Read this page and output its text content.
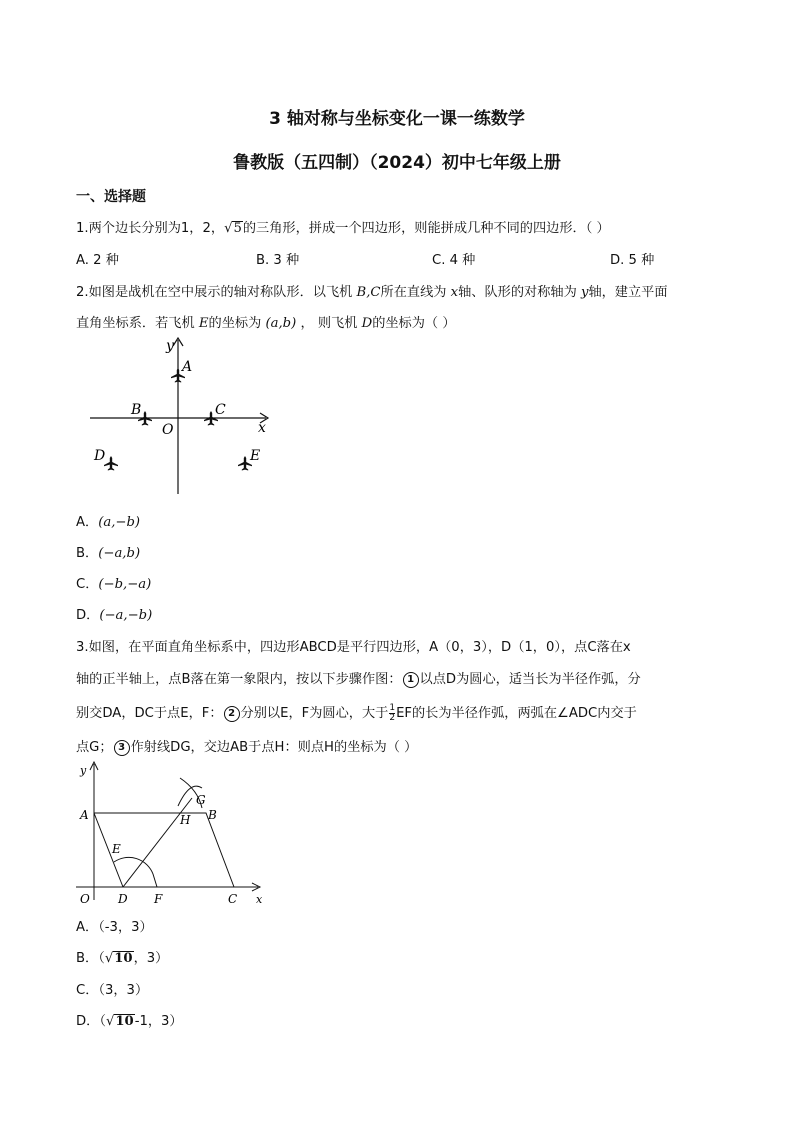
3 轴对称与坐标变化一课一练数学
鲁教版（五四制）（2024）初中七年级上册
一、选择题
1.两个边长分别为1，2，√5的三角形，拼成一个四边形，则能拼成几种不同的四边形．（ ）
A. 2 种	B. 3 种	C. 4 种	D. 5 种
2.如图是战机在空中展示的轴对称队形．以飞机 B,C所在直线为 x轴、队形的对称轴为 y轴，建立平面
直角坐标系．若飞机 E的坐标为 (a,b) ， 则飞机 D的坐标为（ ）
y
x
A
B	C
D	E
O
A．(a,−b)
B．(−a,b)
C．(−b,−a)
D．(−a,−b)
3.如图，在平面直角坐标系中，四边形ABCD是平行四边形，A（0，3），D（1，0），点C落在x
轴的正半轴上，点B落在第一象限内，按以下步骤作图： 1 以点D为圆心，适当长为半径作弧，分
别交DA，DC于点E，F： 2 分别以E，F为圆心，大于 $\frac{1}{2}$ EF的长为半径作弧，两弧在∠ADC内交于
点G； 3 作射线DG，交边AB于点H：则点H的坐标为（ ）
y
x
O
A	B
C
D
E
F
G
H
A．（-3，3）
B．（√10，3）
C．（3，3）
D．（√10-1，3）
